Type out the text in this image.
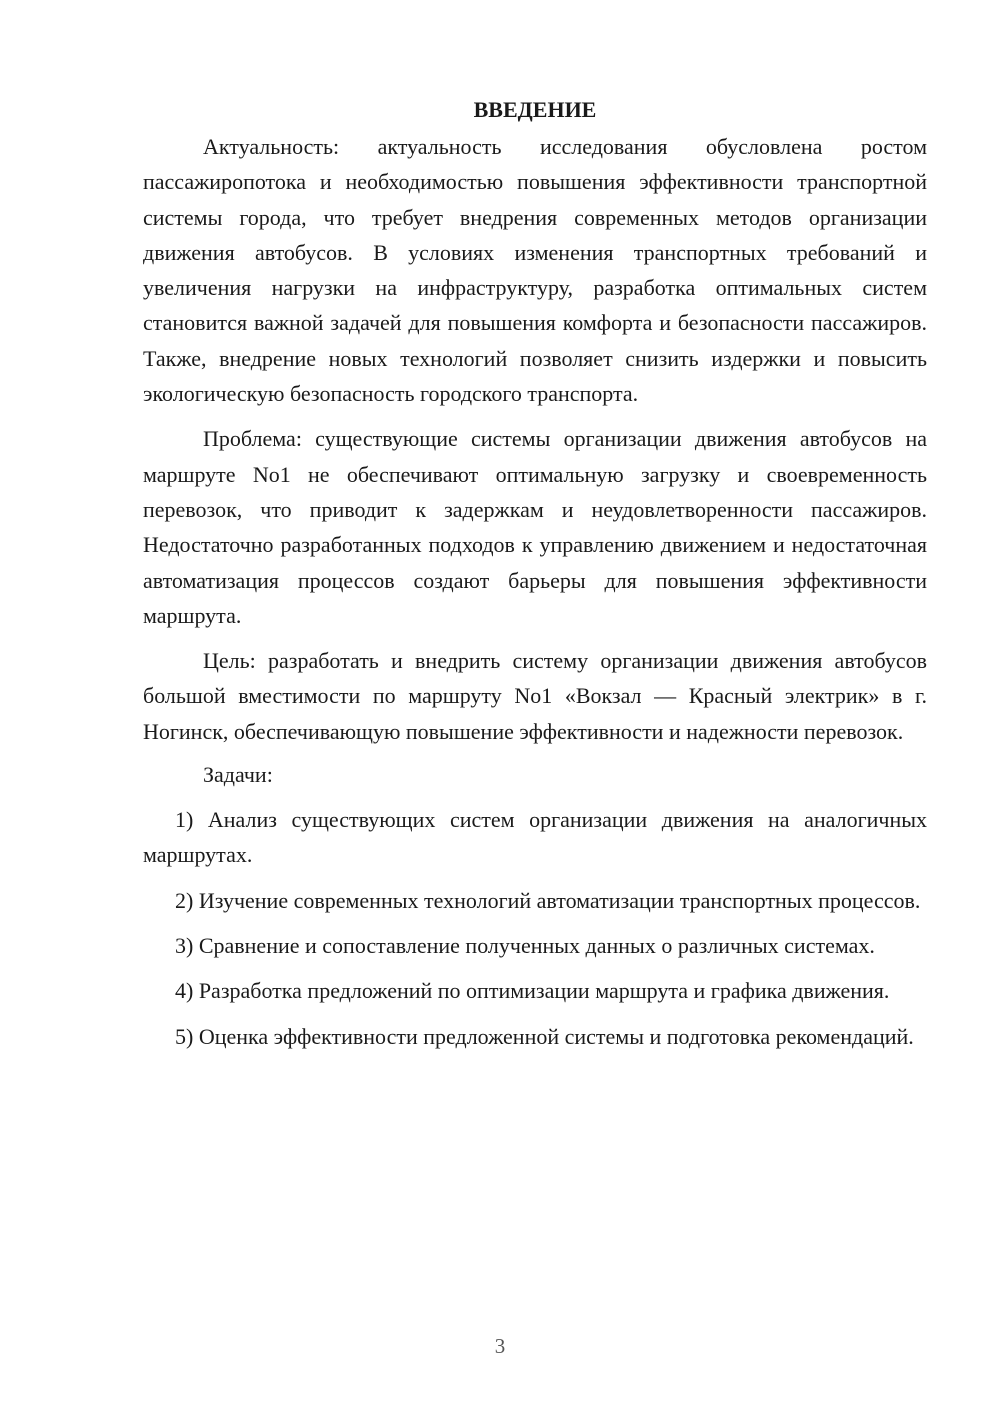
ВВЕДЕНИЕ

Актуальность: актуальность исследования обусловлена ростом пассажиропотока и необходимостью повышения эффективности транспортной системы города, что требует внедрения современных методов организации движения автобусов. В условиях изменения транспортных требований и увеличения нагрузки на инфраструктуру, разработка оптимальных систем становится важной задачей для повышения комфорта и безопасности пассажиров. Также, внедрение новых технологий позволяет снизить издержки и повысить экологическую безопасность городского транспорта.

Проблема: существующие системы организации движения автобусов на маршруте No1 не обеспечивают оптимальную загрузку и своевременность перевозок, что приводит к задержкам и неудовлетворенности пассажиров. Недостаточно разработанных подходов к управлению движением и недостаточная автоматизация процессов создают барьеры для повышения эффективности маршрута.

Цель: разработать и внедрить систему организации движения автобусов большой вместимости по маршруту No1 «Вокзал — Красный электрик» в г. Ногинск, обеспечивающую повышение эффективности и надежности перевозок.

Задачи:

1) Анализ существующих систем организации движения на аналогичных маршрутах.

2) Изучение современных технологий автоматизации транспортных процессов.

3) Сравнение и сопоставление полученных данных о различных системах.

4) Разработка предложений по оптимизации маршрута и графика движения.

5) Оценка эффективности предложенной системы и подготовка рекомендаций.

3
